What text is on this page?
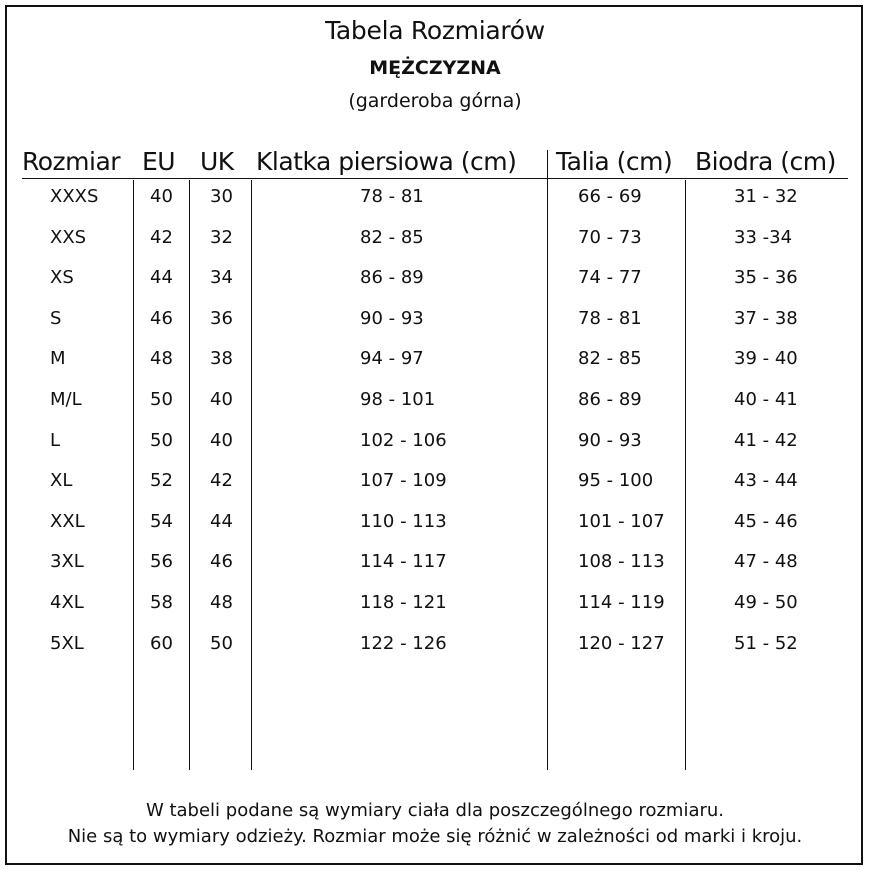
Tabela Rozmiarów
MĘŻCZYZNA
(garderoba górna)
Rozmiar EU UK Klatka piersiowa (cm) Talia (cm) Biodra (cm)
XXXS	40 30	78 - 81	66 - 69	31 - 32
XXS	42 32	82 - 85	70 - 73	33 -34
XS	44 34	86 - 89	74 - 77	35 - 36
S	46 36	90 - 93	78 - 81	37 - 38
M	48 38	94 - 97	82 - 85	39 - 40
M/L	50 40	98 - 101	86 - 89	40 - 41
L	50 40	102 - 106	90 - 93	41 - 42
XL	52 42	107 - 109	95 - 100	43 - 44
XXL	54 44	110 - 113	101 - 107	45 - 46
3XL	56 46	114 - 117	108 - 113	47 - 48
4XL	58 48	118 - 121	114 - 119	49 - 50
5XL	60 50	122 - 126	120 - 127	51 - 52
W tabeli podane są wymiary ciała dla poszczególnego rozmiaru.
Nie są to wymiary odzieży. Rozmiar może się różnić w zależności od marki i kroju.
